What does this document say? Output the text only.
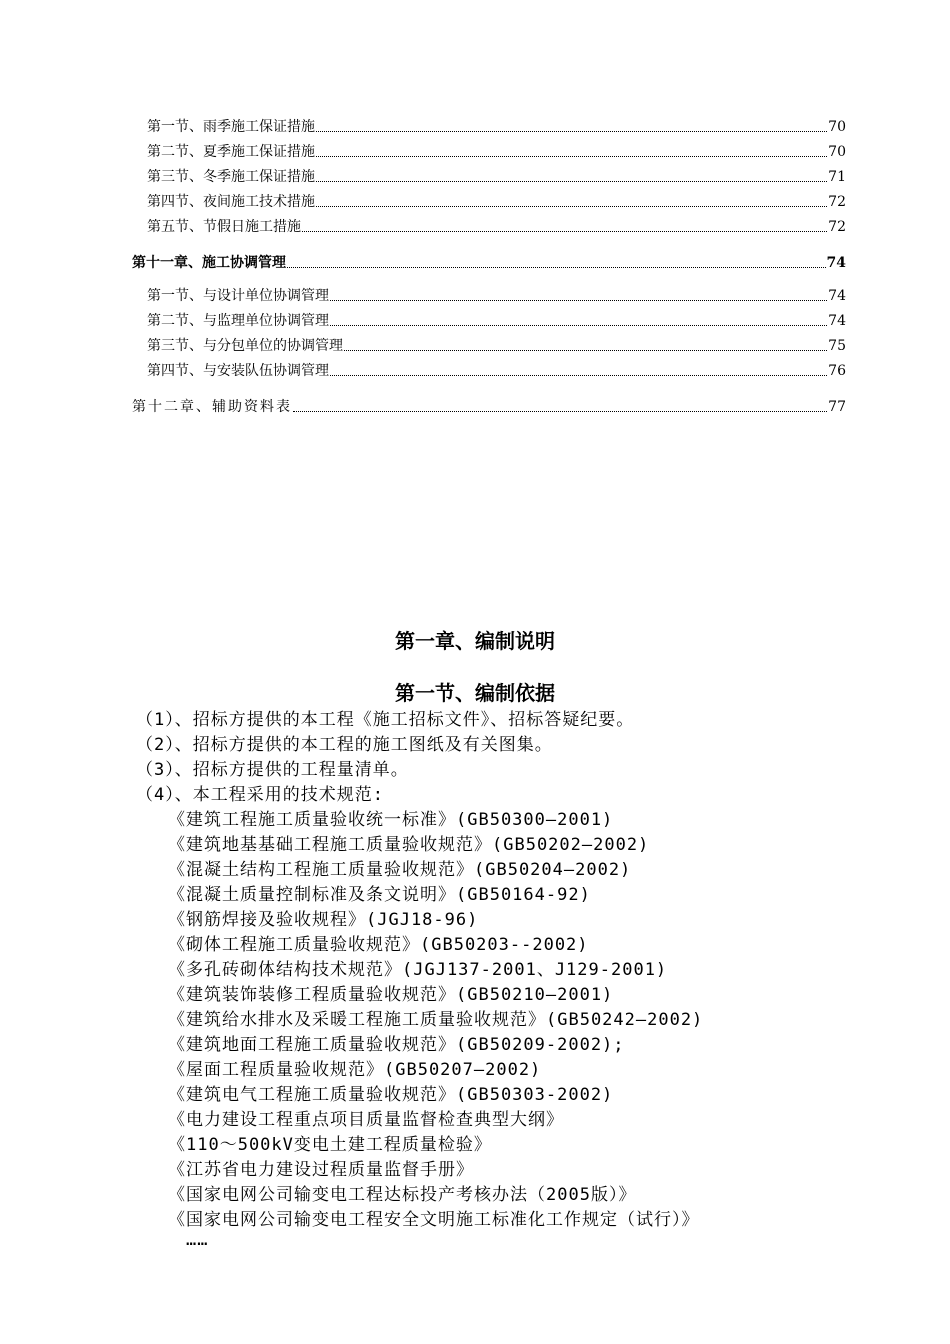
第一节、雨季施工保证措施	70
第二节、夏季施工保证措施	70
第三节、冬季施工保证措施	71
第四节、夜间施工技术措施	72
第五节、节假日施工措施	72
第十一章、施工协调管理	74
第一节、与设计单位协调管理	74
第二节、与监理单位协调管理	74
第三节、与分包单位的协调管理	75
第四节、与安装队伍协调管理	76
第十二章、辅助资料表	77
第一章、编制说明
第一节、编制依据
（1）、招标方提供的本工程《施工招标文件》、招标答疑纪要。
（2）、招标方提供的本工程的施工图纸及有关图集。
（3）、招标方提供的工程量清单。
（4）、本工程采用的技术规范:
《建筑工程施工质量验收统一标准》(GB50300—2001)
《建筑地基基础工程施工质量验收规范》(GB50202—2002)
《混凝土结构工程施工质量验收规范》(GB50204—2002)
《混凝土质量控制标准及条文说明》(GB50164-92)
《钢筋焊接及验收规程》(JGJ18-96)
《砌体工程施工质量验收规范》(GB50203--2002)
《多孔砖砌体结构技术规范》(JGJ137-2001、J129-2001)
《建筑装饰装修工程质量验收规范》(GB50210—2001)
《建筑给水排水及采暖工程施工质量验收规范》(GB50242—2002)
《建筑地面工程施工质量验收规范》(GB50209-2002);
《屋面工程质量验收规范》(GB50207—2002)
《建筑电气工程施工质量验收规范》(GB50303-2002)
《电力建设工程重点项目质量监督检查典型大纲》
《110～500kV变电土建工程质量检验》
《江苏省电力建设过程质量监督手册》
《国家电网公司输变电工程达标投产考核办法（2005版）》
《国家电网公司输变电工程安全文明施工标准化工作规定（试行）》
……
